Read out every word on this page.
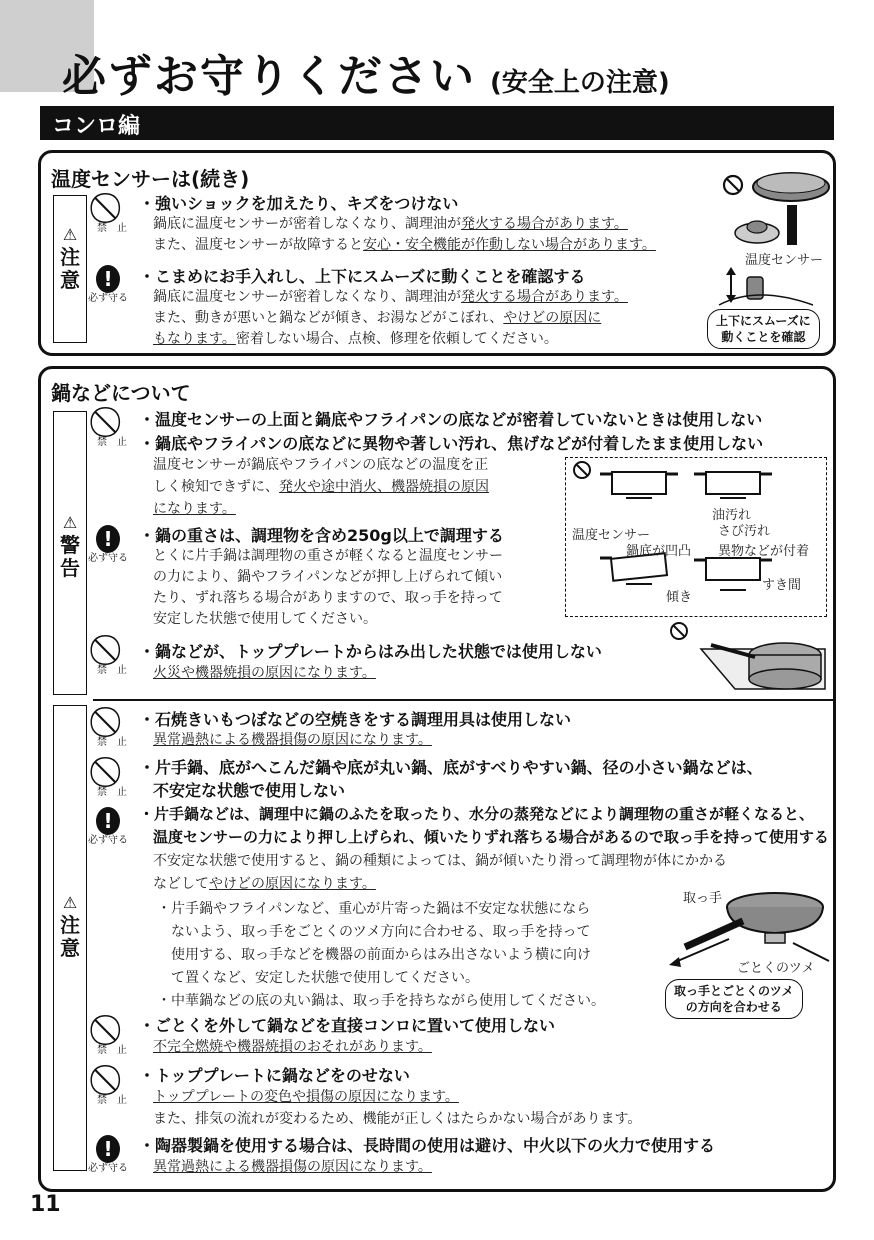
必ずお守りください (安全上の注意)
コンロ編
温度センサーは(続き)
⚠
注
意
禁　止
・強いショックを加えたり、キズをつけない
鍋底に温度センサーが密着しなくなり、調理油が発火する場合があります。
また、温度センサーが故障すると安心・安全機能が作動しない場合があります。
!
必ず守る
・こまめにお手入れし、上下にスムーズに動くことを確認する
鍋底に温度センサーが密着しなくなり、調理油が発火する場合があります。
また、動きが悪いと鍋などが傾き、お湯などがこぼれ、やけどの原因に
もなります。密着しない場合、点検、修理を依頼してください。
温度センサー
上下にスムーズに
動くことを確認
鍋などについて
⚠
警
告
禁　止
・温度センサーの上面と鍋底やフライパンの底などが密着していないときは使用しない
・鍋底やフライパンの底などに異物や著しい汚れ、焦げなどが付着したまま使用しない
温度センサーが鍋底やフライパンの底などの温度を正
しく検知できずに、発火や途中消火、機器焼損の原因
になります。
!
必ず守る
・鍋の重さは、調理物を含め250g以上で調理する
とくに片手鍋は調理物の重さが軽くなると温度センサー
の力により、鍋やフライパンなどが押し上げられて傾い
たり、ずれ落ちる場合がありますので、取っ手を持って
安定した状態で使用してください。
温度センサー
油汚れ
さび汚れ
鍋底が凹凸 異物などが付着
傾き
すき間
禁　止
・鍋などが、トッププレートからはみ出した状態では使用しない
火災や機器焼損の原因になります。
⚠
注
意
禁　止
・石焼きいもつぼなどの空焼きをする調理用具は使用しない
異常過熱による機器損傷の原因になります。
禁　止
・片手鍋、底がへこんだ鍋や底が丸い鍋、底がすべりやすい鍋、径の小さい鍋などは、
不安定な状態で使用しない
!
必ず守る
・片手鍋などは、調理中に鍋のふたを取ったり、水分の蒸発などにより調理物の重さが軽くなると、
温度センサーの力により押し上げられ、傾いたりずれ落ちる場合があるので取っ手を持って使用する
不安定な状態で使用すると、鍋の種類によっては、鍋が傾いたり滑って調理物が体にかかる
などしてやけどの原因になります。
・片手鍋やフライパンなど、重心が片寄った鍋は不安定な状態になら
ないよう、取っ手をごとくのツメ方向に合わせる、取っ手を持って
使用する、取っ手などを機器の前面からはみ出さないよう横に向け
て置くなど、安定した状態で使用してください。
・中華鍋などの底の丸い鍋は、取っ手を持ちながら使用してください。
取っ手
ごとくのツメ
取っ手とごとくのツメ
の方向を合わせる
禁　止
・ごとくを外して鍋などを直接コンロに置いて使用しない
不完全燃焼や機器焼損のおそれがあります。
禁　止
・トッププレートに鍋などをのせない
トッププレートの変色や損傷の原因になります。
また、排気の流れが変わるため、機能が正しくはたらかない場合があります。
!
必ず守る
・陶器製鍋を使用する場合は、長時間の使用は避け、中火以下の火力で使用する
異常過熱による機器損傷の原因になります。
11
